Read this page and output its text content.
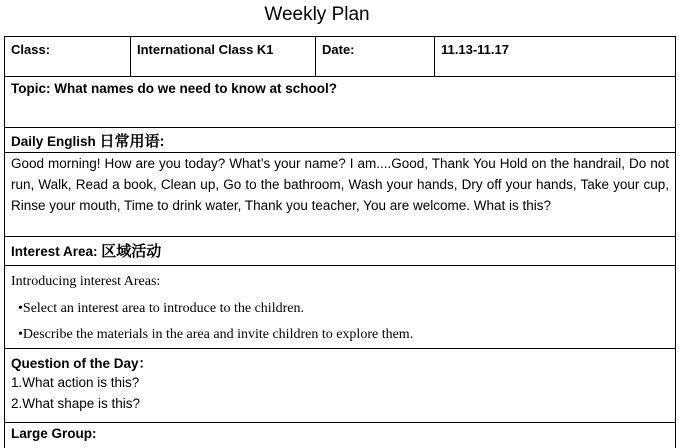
Weekly Plan
Class:	International Class K1	Date:	11.13-11.17
Topic: What names do we need to know at school?
Daily English 日常用语:
Good morning! How are you today? What’s your name? I am....Good, Thank You Hold on the handrail, Do not run, Walk, Read a book, Clean up, Go to the bathroom, Wash your hands, Dry off your hands, Take your cup, Rinse your mouth, Time to drink water, Thank you teacher, You are welcome. What is this?
Interest Area: 区域活动
Introducing interest Areas:
•Select an interest area to introduce to the children.
•Describe the materials in the area and invite children to explore them.
Question of the Day：
1.What action is this?
2.What shape is this?
Large Group:
